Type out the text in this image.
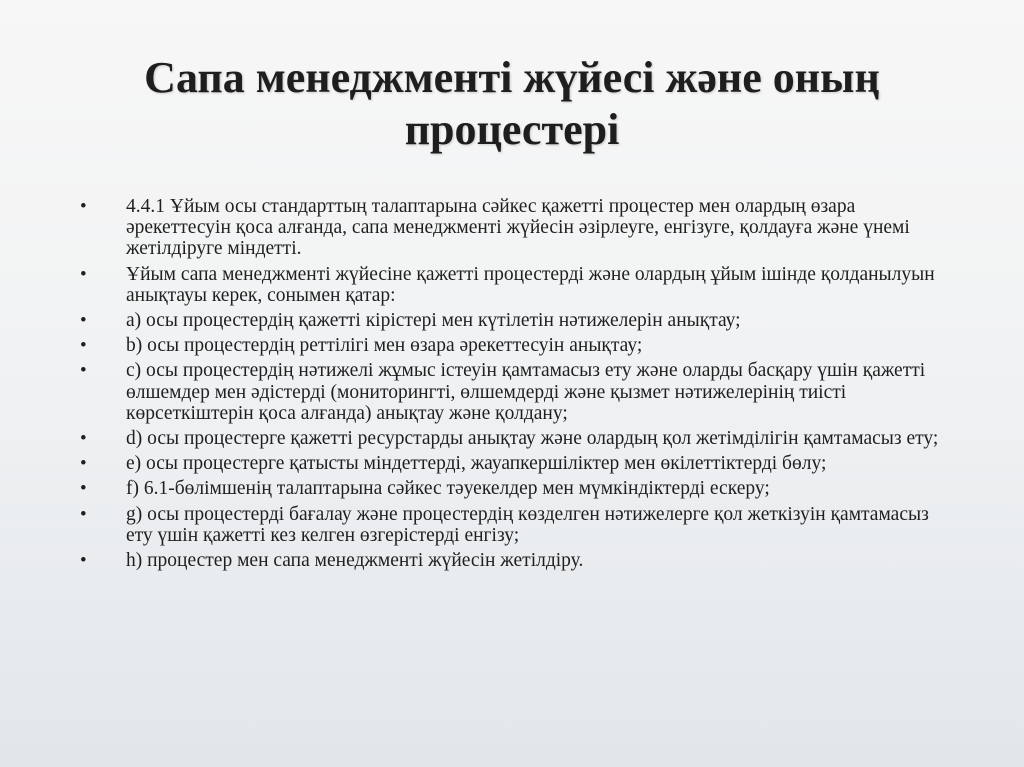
Сапа менеджменті жүйесі және оның процестері
•	4.4.1 Ұйым осы стандарттың талаптарына сәйкес қажетті процестер мен олардың өзара әрекеттесуін қоса алғанда, сапа менеджменті жүйесін әзірлеуге, енгізуге, қолдауға және үнемі жетілдіруге міндетті.
•	Ұйым сапа менеджменті жүйесіне қажетті процестерді және олардың ұйым ішінде қолданылуын анықтауы керек, сонымен қатар:
•	a) осы процестердің қажетті кірістері мен күтілетін нәтижелерін анықтау;
•	b) осы процестердің реттілігі мен өзара әрекеттесуін анықтау;
•	c) осы процестердің нәтижелі жұмыс істеуін қамтамасыз ету және оларды басқару үшін қажетті өлшемдер мен әдістерді (мониторингті, өлшемдерді және қызмет нәтижелерінің тиісті көрсеткіштерін қоса алғанда) анықтау және қолдану;
•	d) осы процестерге қажетті ресурстарды анықтау және олардың қол жетімділігін қамтамасыз ету;
•	e) осы процестерге қатысты міндеттерді, жауапкершіліктер мен өкілеттіктерді бөлу;
•	f) 6.1-бөлімшенің талаптарына сәйкес тәуекелдер мен мүмкіндіктерді ескеру;
•	g) осы процестерді бағалау және процестердің көзделген нәтижелерге қол жеткізуін қамтамасыз ету үшін қажетті кез келген өзгерістерді енгізу;
•	h) процестер мен сапа менеджменті жүйесін жетілдіру.
